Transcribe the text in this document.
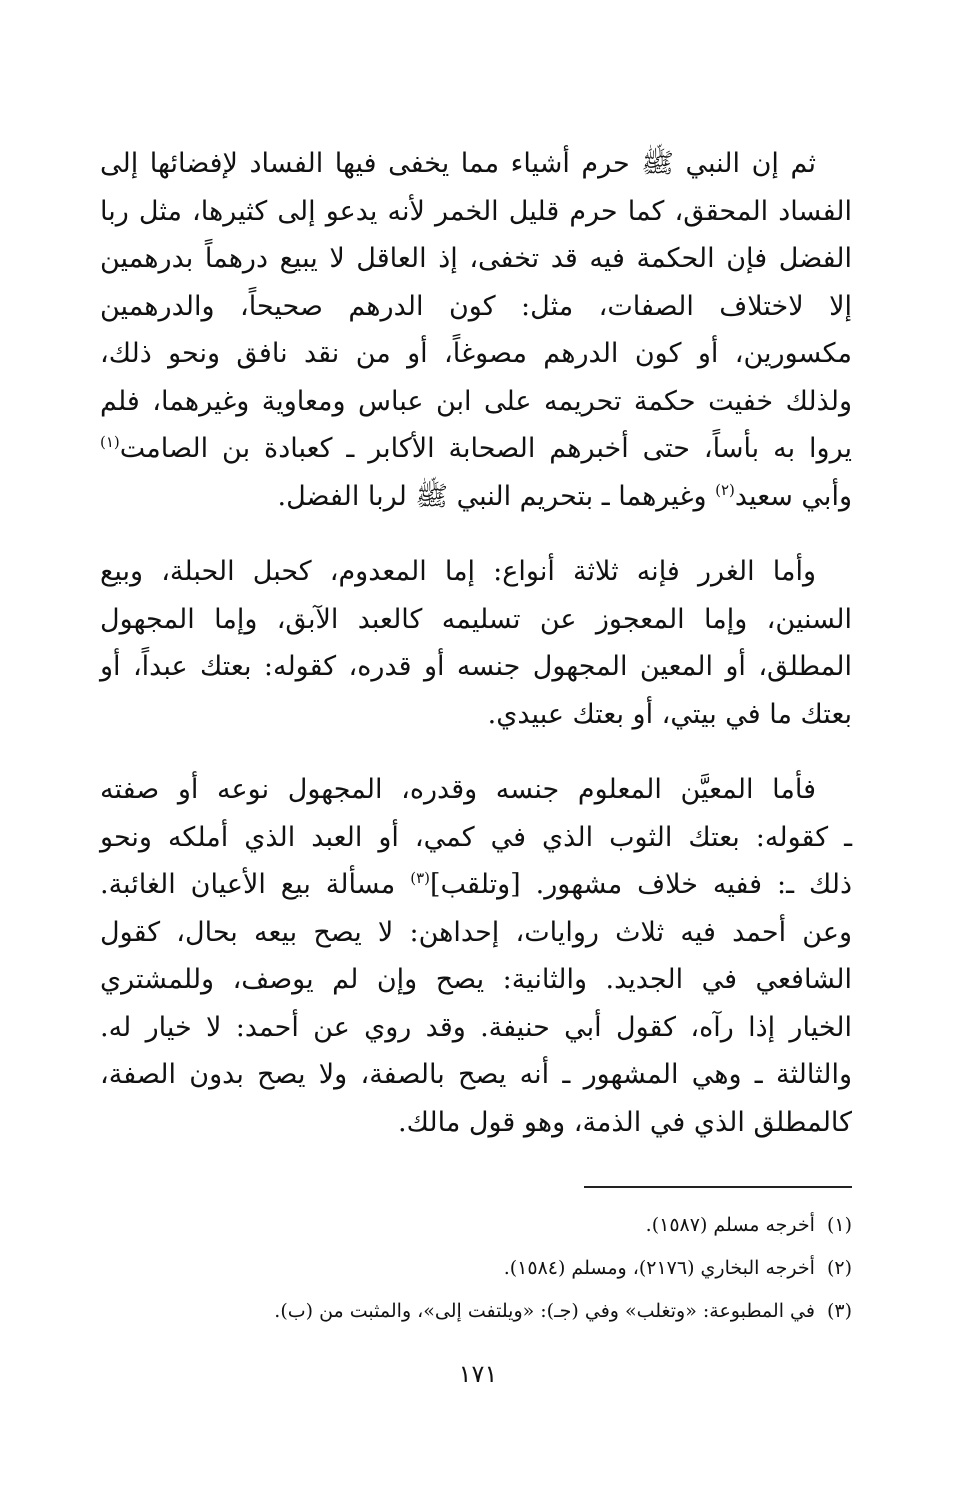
ثم إن النبي ﷺ حرم أشياء مما يخفى فيها الفساد لإفضائها إلى
الفساد المحقق، كما حرم قليل الخمر لأنه يدعو إلى كثيرها، مثل ربا
الفضل فإن الحكمة فيه قد تخفى، إذ العاقل لا يبيع درهماً بدرهمين
إلا لاختلاف الصفات، مثل: كون الدرهم صحيحاً، والدرهمين
مكسورين، أو كون الدرهم مصوغاً، أو من نقد نافق ونحو ذلك،
ولذلك خفيت حكمة تحريمه على ابن عباس ومعاوية وغيرهما، فلم
يروا به بأساً، حتى أخبرهم الصحابة الأكابر ـ كعبادة بن الصامت$^{(١)}$
وأبي سعيد$^{(٢)}$ وغيرهما ـ بتحريم النبي ﷺ لربا الفضل.

وأما الغرر فإنه ثلاثة أنواع: إما المعدوم، كحبل الحبلة، وبيع
السنين، وإما المعجوز عن تسليمه كالعبد الآبق، وإما المجهول
المطلق، أو المعين المجهول جنسه أو قدره، كقوله: بعتك عبداً، أو
بعتك ما في بيتي، أو بعتك عبيدي.

فأما المعيَّن المعلوم جنسه وقدره، المجهول نوعه أو صفته
ـ كقوله: بعتك الثوب الذي في كمي، أو العبد الذي أملكه ونحو
ذلك ـ: ففيه خلاف مشهور. [وتلقب]$^{(٣)}$ مسألة بيع الأعيان الغائبة.
وعن أحمد فيه ثلاث روايات، إحداهن: لا يصح بيعه بحال، كقول
الشافعي في الجديد. والثانية: يصح وإن لم يوصف، وللمشتري
الخيار إذا رآه، كقول أبي حنيفة. وقد روي عن أحمد: لا خيار له.
والثالثة ـ وهي المشهور ـ أنه يصح بالصفة، ولا يصح بدون الصفة،
كالمطلق الذي في الذمة، وهو قول مالك.

(١)أخرجه مسلم (١٥٨٧).
(٢)أخرجه البخاري (٢١٧٦)، ومسلم (١٥٨٤).
(٣)في المطبوعة: «وتغلب» وفي (جـ): «ويلتفت إلى»، والمثبت من (ب).
١٧١
